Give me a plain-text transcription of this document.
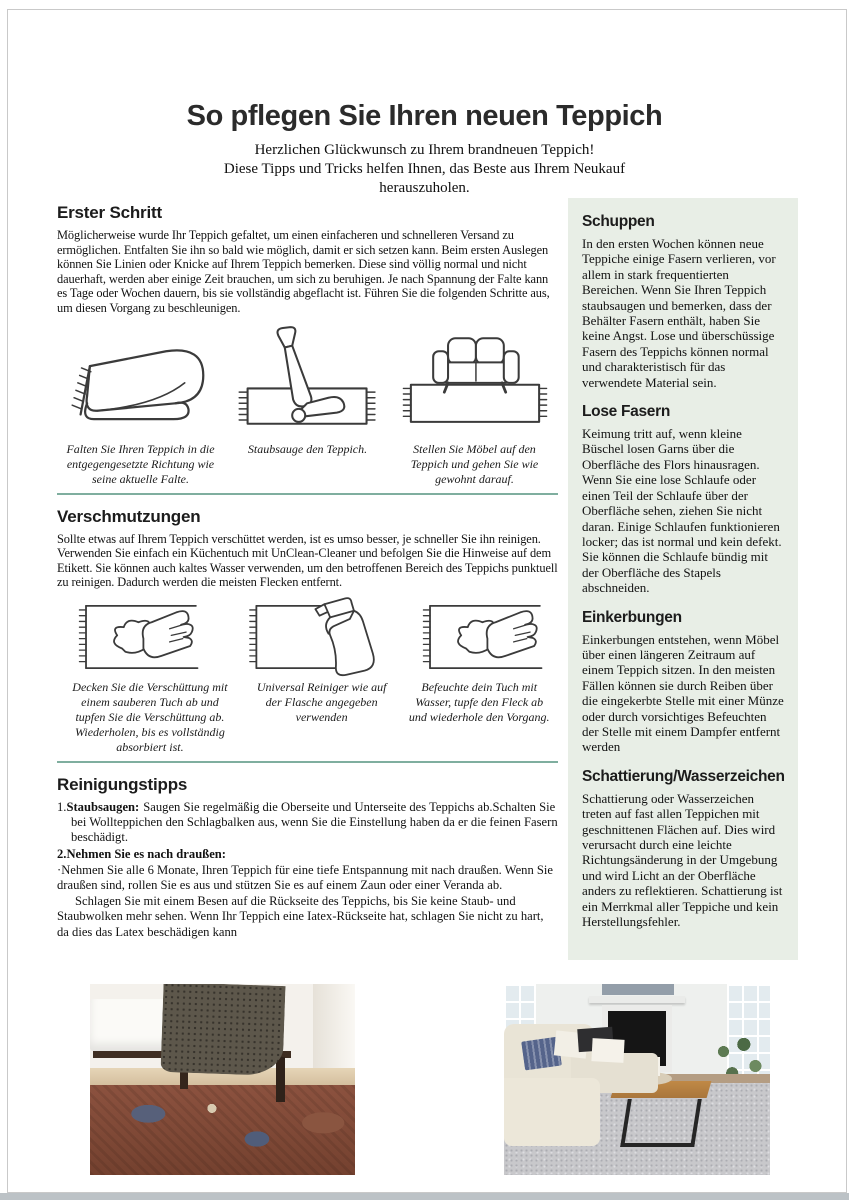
So pflegen Sie Ihren neuen Teppich
Herzlichen Glückwunsch zu Ihrem brandneuen Teppich!
Diese Tipps und Tricks helfen Ihnen, das Beste aus Ihrem Neukauf
herauszuholen.
Erster Schritt

Möglicherweise wurde Ihr Teppich gefaltet, um einen einfacheren und schnelleren Versand zu ermöglichen. Entfalten Sie ihn so bald wie möglich, damit er sich setzen kann. Beim ersten Auslegen können Sie Linien oder Knicke auf Ihrem Teppich bemerken. Diese sind völlig normal und nicht dauerhaft, werden aber einige Zeit brauchen, um sich zu beruhigen. Je nach Spannung der Falte kann es Tage oder Wochen dauern, bis sie vollständig abgeflacht ist. Führen Sie die folgenden Schritte aus, um diesen Vorgang zu beschleunigen.

Falten Sie Ihren Teppich in die entgegengesetzte Richtung wie seine aktuelle Falte.
Staubsauge den Teppich.	Stellen Sie Möbel auf den Teppich und gehen Sie wie gewohnt darauf.
Verschmutzungen

Sollte etwas auf Ihrem Teppich verschüttet werden, ist es umso besser, je schneller Sie ihn reinigen. Verwenden Sie einfach ein Küchentuch mit UnClean-Cleaner und befolgen Sie die Hinweise auf dem Etikett. Sie können auch kaltes Wasser verwenden, um den betroffenen Bereich des Teppichs punktuell zu reinigen. Dadurch werden die meisten Flecken entfernt.

Decken Sie die Verschüttung mit einem sauberen Tuch ab und tupfen Sie die Verschüttung ab. Wiederholen, bis es vollständig absorbiert ist.
Universal Reiniger wie auf der Flasche angegeben verwenden
Befeuchte dein Tuch mit Wasser, tupfe den Fleck ab und wiederhole den Vorgang.
Reinigungstipps
1.Staubsaugen: Saugen Sie regelmäßig die Oberseite und Unterseite des Teppichs ab.Schalten Sie bei Wollteppichen den Schlagbalken aus, wenn Sie die Einstellung haben da er die feinen Fasern beschädigt.
2.Nehmen Sie es nach draußen:

·Nehmen Sie alle 6 Monate, Ihren Teppich für eine tiefe Entspannung mit nach draußen. Wenn Sie draußen sind, rollen Sie es aus und stützen Sie es auf einem Zaun oder einer Veranda ab.

Schlagen Sie mit einem Besen auf die Rückseite des Teppichs, bis Sie keine Staub- und Staubwolken mehr sehen. Wenn Ihr Teppich eine Iatex-Rückseite hat, schlagen Sie nicht zu hart, da dies das Latex beschädigen kann

Schuppen

In den ersten Wochen können neue Teppiche einige Fasern verlieren, vor allem in stark frequentierten Bereichen. Wenn Sie Ihren Teppich staubsaugen und bemerken, dass der Behälter Fasern enthält, haben Sie keine Angst. Lose und überschüssige Fasern des Teppichs können normal und charakteristisch für das verwendete Material sein.

Lose Fasern

Keimung tritt auf, wenn kleine Büschel losen Garns über die Oberfläche des Flors hinausragen. Wenn Sie eine lose Schlaufe oder einen Teil der Schlaufe über der Oberfläche sehen, ziehen Sie nicht daran. Einige Schlaufen funktionieren locker; das ist normal und kein defekt. Sie können die Schlaufe bündig mit der Oberfläche des Stapels abschneiden.

Einkerbungen

Einkerbungen entstehen, wenn Möbel über einen längeren Zeitraum auf einem Teppich sitzen. In den meisten Fällen können sie durch Reiben über die eingekerbte Stelle mit einer Münze oder durch vorsichtiges Befeuchten der Stelle mit einem Dampfer entfernt werden

Schattierung/Wasserzeichen

Schattierung oder Wasserzeichen treten auf fast allen Teppichen mit geschnittenen Flächen auf. Dies wird verursacht durch eine leichte Richtungsänderung in der Umgebung und wird Licht an der Oberfläche anders zu reflektieren. Schattierung ist ein Merrkmal aller Teppiche und kein Herstellungsfehler.
